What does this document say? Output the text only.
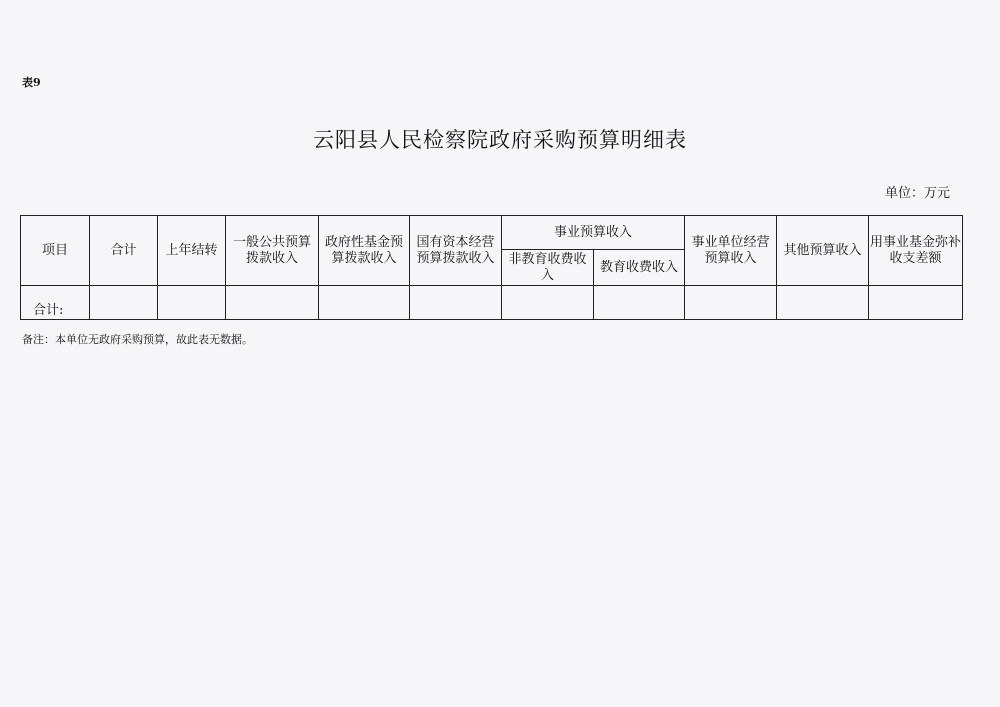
表9
云阳县人民检察院政府采购预算明细表
单位：万元
项目	合计	上年结转	一般公共预算拨款收入	政府性基金预算拨款收入	国有资本经营预算拨款收入	事业预算收入		事业单位经营预算收入	其他预算收入	用事业基金弥补收支差额
						非教育收费收入	教育收费收入			
合计:										
备注：本单位无政府采购预算，故此表无数据。
